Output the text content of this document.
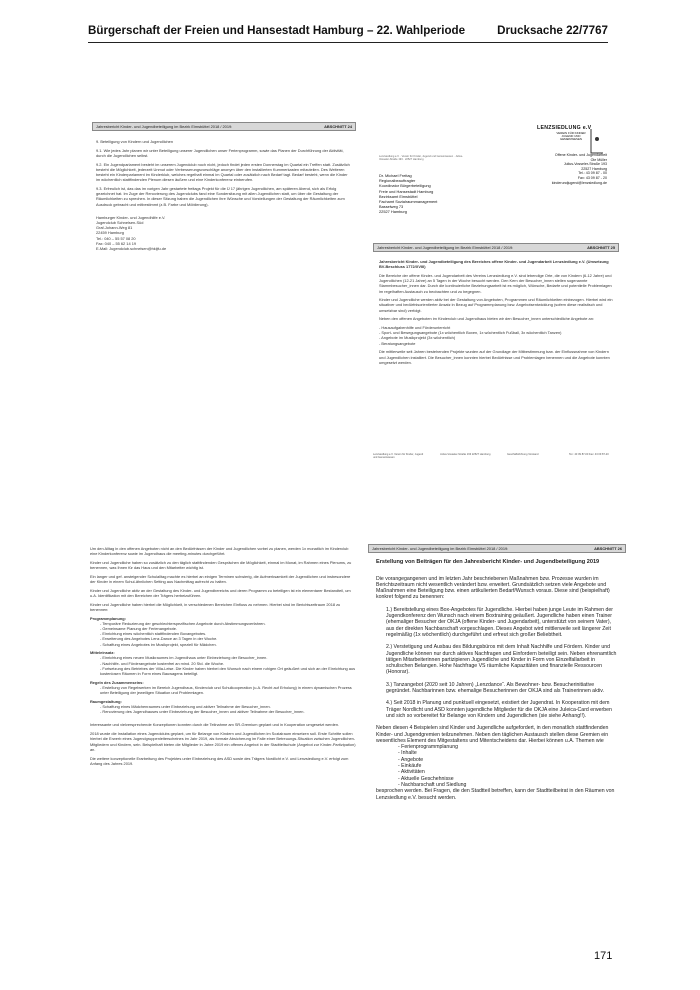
Bürgerschaft der Freien und Hansestadt Hamburg – 22. Wahlperiode	Drucksache 22/7767
Jahresbericht Kinder- und Jugendbeteiligung im Bezirk Eimsbüttel 2018 / 2019:	ABSCHNITT 24

9. Beteiligung von Kindern und Jugendlichen

9.1. Wie jedes Jahr planen wir unter Beteiligung unserer Jugendlichen unser Ferienprogramm, sowie das Planen der Durchführung der Aktivität, durch die Jugendlichen selbst.

9.2. Ein Jugendparlament besteht im unserem Jugendclub noch nicht, jedoch findet jeden ersten Donnerstag im Quartal ein Treffen statt. Zusätzlich besteht die Möglichkeit, jederzeit Unmut oder Verbesserungsvorschläge anonym über den installierten Kummerkasten mitzuteilen. Des Weiteren besteht ein Kinderparlament im Kinderklub, welches regelhaft einmal im Quartal oder zusätzlich nach Bedarf tagt. Bedarf besteht, wenn die Kinder im wöchentlich stattfindenden Plenum diesen äußern und eine Kinderkonferenz einberufen.

9.3. Erfreulich ist, das das im vorigen Jahr gestartete freitags Projekt für die Ü 17 jährigen Jugendlichen, am späteren Abend, sich als Erfolg gezeichnet hat. Im Zuge der Renovierung des Jugendclubs fand eine Sondersitzung mit allen Jugendlichen statt, um über die Gestaltung der Räumlichkeiten zu sprechen. In dieser Sitzung haben die Jugendlichen ihre Wünsche und Vorstellungen der Gestaltung der Räumlichkeiten zum Ausdruck gebracht und mitbestimmt (z.B. Farbe und Möblierung).

Hamburger Kinder- und Jugendhilfe e.V.
Jugendclub Schnelsen-Süd
Graf-Johann-Weg 81
22459 Hamburg
Tel.: 040 – 55 57 08 20
Fax: 040 – 55 62 14 19
E-Mail: Jugendclub.schnelsen@hkijfu.de
LENZSIEDLUNG e.V
VEREIN FÜR KINDER
JUGEND UND
GEMEINWESEN
Lenzsiedlung e.V. · Verein für Kinder, Jugend und Gemeinwesen · Julius-Vosseler-Straße 193 · 22527 Hamburg
Dr. Michael Freitag
Regionalbeauftragter
Koordinator Bürgerbeteiligung
Freie und Hansestadt Hamburg
Bezirksamt Eimsbüttel
Fachamt Sozialraummanagement
Basselweg 73
22527 Hamburg
Offene Kinder- und Jugendarbeit
Ole Müller
Julius-Vosseler-Straße 193
22527 Hamburg
Tel.: 43 09 87 - 00
Fax: 43 09 87 - 20
kinderundjugend@lenzsiedlung.de
Jahresbericht Kinder- und Jugendbeteiligung im Bezirk Eimsbüttel 2018 / 2019:	ABSCHNITT 25

Jahresbericht Kinder- und Jugendbeteiligung des Bereiches offene Kinder- und Jugendarbeit Lenzsiedlung e.V. (Umsetzung BV-Beschluss 1772/XVIII)

Die Bereiche der offene Kinder- und Jugendarbeit des Vereins Lenzsiedlung e.V. sind lebendige Orte, die von Kindern (6-12 Jahre) und Jugendlichen (12-21 Jahre) an 5 Tagen in der Woche besucht werden. Den Kern der Besucher_innen stellen sogenannte Stammbesucher_innen dar. Durch die kontinuierliche Beziehungsarbeit ist es möglich, Wünsche, Bedarfe und potentielle Problemlagen im regelhaften Austausch zu beobachten und zu begegnen.

Kinder und Jugendliche werden aktiv bei der Gestaltung von Angeboten, Programmen und Räumlichkeiten einbezogen. Hierbei wird ein situativer und bedürfnisorientierter Ansatz in Bezug auf Programmplanung bzw. Angebotsentwicklung (sofern diese realistisch und umsetzbar sind) verfolgt.

Neben den offenen Angeboten im Kinderclub und Jugendhaus bieten wir den Besucher_innen unterschiedliche Angebote an:

- Hausaufgabenhilfe und Förderunterricht
- Sport- und Bewegungsangebote (1x wöchentlich Boxen, 1x wöchentlich Fußball, 3x wöchentlich Tanzen)
- Angebote im Musikprojekt (3x wöchentlich)
- Beratungsangebote

Die mittlerweile seit Jahren bestehenden Projekte wurden auf der Grundlage der Mitbestimmung bzw. der Einflussnahme von Kindern und Jugendlichen installiert. Die Besucher_innen konnten hierbei Bedürfnisse und Problemlagen benennen und die Angebote konnten umgesetzt werden.

Lenzsiedlung e.V. Verein für Kinder, Jugend und Gemeinwesen
Julius-Vosseler-Straße 193 22527 Hamburg	Geschäftsführung Vorstand	Tel.: 43 09 87-00 Fax: 43 09 87-20

Um den Alltag in den offenen Angeboten nicht an den Bedürfnissen der Kinder und Jugendlichen vorbei zu planen, werden 1x monatlich im Kinderclub eine Kinderkonferenz sowie im Jugendhaus die meeting-minutes durchgeführt.

Kinder und Jugendliche haben so zusätzlich zu den täglich stattfindenden Gesprächen die Möglichkeit, einmal im Monat, im Rahmen eines Plenums, zu benennen, was Ihnen für das Haus und den Mitarbeiter wichtig ist.

Ein langer und gef. ansteigender Schulalltag machte es hierbei an einigen Terminen schwierig, die Aufmerksamkeit der Jugendlichen und insbesondere der Kinder in einem Schul-ähnlichen Setting aus Nachmittag aufrecht zu halten.

Kinder und Jugendliche aktiv an der Gestaltung des Kinder- und Jugendbereichs und deren Programm zu beteiligen ist ein elementarer Bestandteil, um u.A. Identifikation mit den Bereichen der Trägers herbeizuführen.

Kinder und Jugendliche haben hierbei die Möglichkeit, in verschiedenen Bereichen Einfluss zu nehmen. Hierbei sind im Berichtszeitraum 2018 zu benennen:

Programmplanung:
- Temporäre Reduzierung der geschlechterspezifischen Angebote durch Abstimmungsverfahren.
- Gemeinsame Planung der Ferienangebote.
- Einrichtung eines wöchentlich stattfindenden Boxangebotes.
- Erweiterung des Angebotes Lenz-Dance an 3 Tagen in der Woche.
- Schaffung eines Angebotes im Musikprojekt, speziell für Mädchen.
Mitteleinsatz:
- Einrichtung eines neuen Musikraumes im Jugendhaus unter Einbeziehung der Besucher_innen.
- Nachhilfe- und Förderangebote kostenfrei an mind. 20 Std. die Woche.
- Fortsetzung des Betriebes der Villa-Leise. Die Kinder haben hierbei den Wunsch nach einem ruhigen Ort geäußert und sich an der Einrichtung aus kostenlosen Räumen in Form eines Bauwagens beteiligt.
Regeln des Zusammenseins:
- Erstellung von Regelwerken im Bereich Jugendhaus, Kinderclub und Schulkooperation (u.A. Recht auf Erholung) in einem dynamischen Prozess unter Beteiligung der jeweiligen Situation und Problemlagen.
Raumgestaltung:
- Schaffung eines Mädchenraumes unter Einbeziehung und aktiver Teilnahme der Besucher_innen.
- Renovierung des Jugendhauses unter Einbeziehung der Besucher_innen und aktiver Teilnahme der Besucher_innen.

Interessante und vielversprechende Konzeptionen konnten durch die Teilnahme am SR-Gremium geplant und in Kooperation umgesetzt werden.

2018 wurde die Installation eines Jugendclubs geplant, um für Belange von Kindern und Jugendlichen im Sozialraum einsetzen soll. Erste Schritte sollen hierbei die Erwerb eines Jugendgruppenleiterscheines im Jahr 2019, als formale Absicherung im Falle einer Betreuungs-Situation zwischen Jugendlichen-Mitgliedern und Kindern, sein. Beispielhaft bieten die Mitglieder in Jahre 2019 ein offenes Angebot in der Stadtteilschule (Angebot zur Kinder-Partizipation) an.

Die weitere konzeptionelle Erarbeitung des Projektes unter Einbeziehung des ASD sowie des Trägers Nordlicht e.V. und Lenzsiedlung e.V. erfolgt zum Anfang des Jahres 2019.

Jahresbericht Kinder- und Jugendbeteiligung im Bezirk Eimsbüttel 2018 / 2019:	ABSCHNITT 26
Erstellung von Beiträgen für den Jahresbericht Kinder- und Jugendbeteiligung 2019

Die vorangegangenen und im letzten Jahr beschriebenen Maßnahmen bzw. Prozesse wurden im Berichtszeitraum nicht wesentlich verändert bzw. erweitert. Grundsätzlich setzen viele Angebote und Maßnahmen eine Beteiligung bzw. einen artikulierten Bedarf/Wunsch voraus. Diese sind (beispielhaft) konkret folgend zu benennen:

1.) Bereitstellung eines Box-Angebotes für Jugendliche. Hierbei haben junge Leute im Rahmen der Jugendkonferenz den Wunsch nach einem Boxtraining geäußert. Jugendliche haben einen Trainer (ehemaliger Besucher der OKJA (offene Kinder- und Jugendarbeit), unterstützt von seinem Vater), aus der direkten Nachbarschaft vorgeschlagen. Dieses Angebot wird mittlerweile seit längerer Zeit regelmäßig (1x wöchentlich) durchgeführt und erfreut sich großer Beliebtheit.
2.) Verstetigung und Ausbau des Bildungsbüros mit dem Inhalt Nachhilfe und Fördern. Kinder und Jugendliche können nur durch aktives Nachfragen und Einfordern beteiligt sein. Neben ehrenamtlich tätigen Mitarbeiterinnen partizipieren Jugendliche und Kinder in Form von Einzelfallarbeit in schulischen Belangen. Hohe Nachfrage VS räumliche Kapazitäten und finanzielle Ressourcen (Honorar).
3.) Tanzangebot (2020 seit 10 Jahren) „Lenzdance“. Als Bewohner- bzw. Besucherinitiative gegründet. Nachbarinnen bzw. ehemalige Besucherinnen der OKJA sind als Trainerinnen aktiv.
4.) Seit 2018 in Planung und punktuell eingesetzt, existiert der Jugendrat. In Kooperation mit dem Träger Nordlicht und ASD konnten jugendliche Mitglieder für die OKJA eine Juleica-Card erwerben und sich so vorbereitet für Belange von Kindern und Jugendlichen (sie siehe Anhang!!).

Neben diesen 4 Beispielen sind Kinder und Jugendliche aufgefordert, in den monatlich stattfindenden Kinder- und Jugendgremien teilzunehmen. Neben den täglichen Austausch stellen diese Gremien ein wesentliches Element des Mitgestaltens und Mitentscheidens dar. Hierbei können u.A. Themen wie

- Ferienprogrammplanung
- Inhalte
- Angebote
- Einkäufe
- Aktivitäten
- Aktuelle Geschehnisse
- Nachbarschaft und Siedlung

besprochen werden. Bei Fragen, die den Stadtteil betreffen, kann der Stadtteilbeirat in den Räumen von Lenzsiedlung e.V. besucht werden.

171
